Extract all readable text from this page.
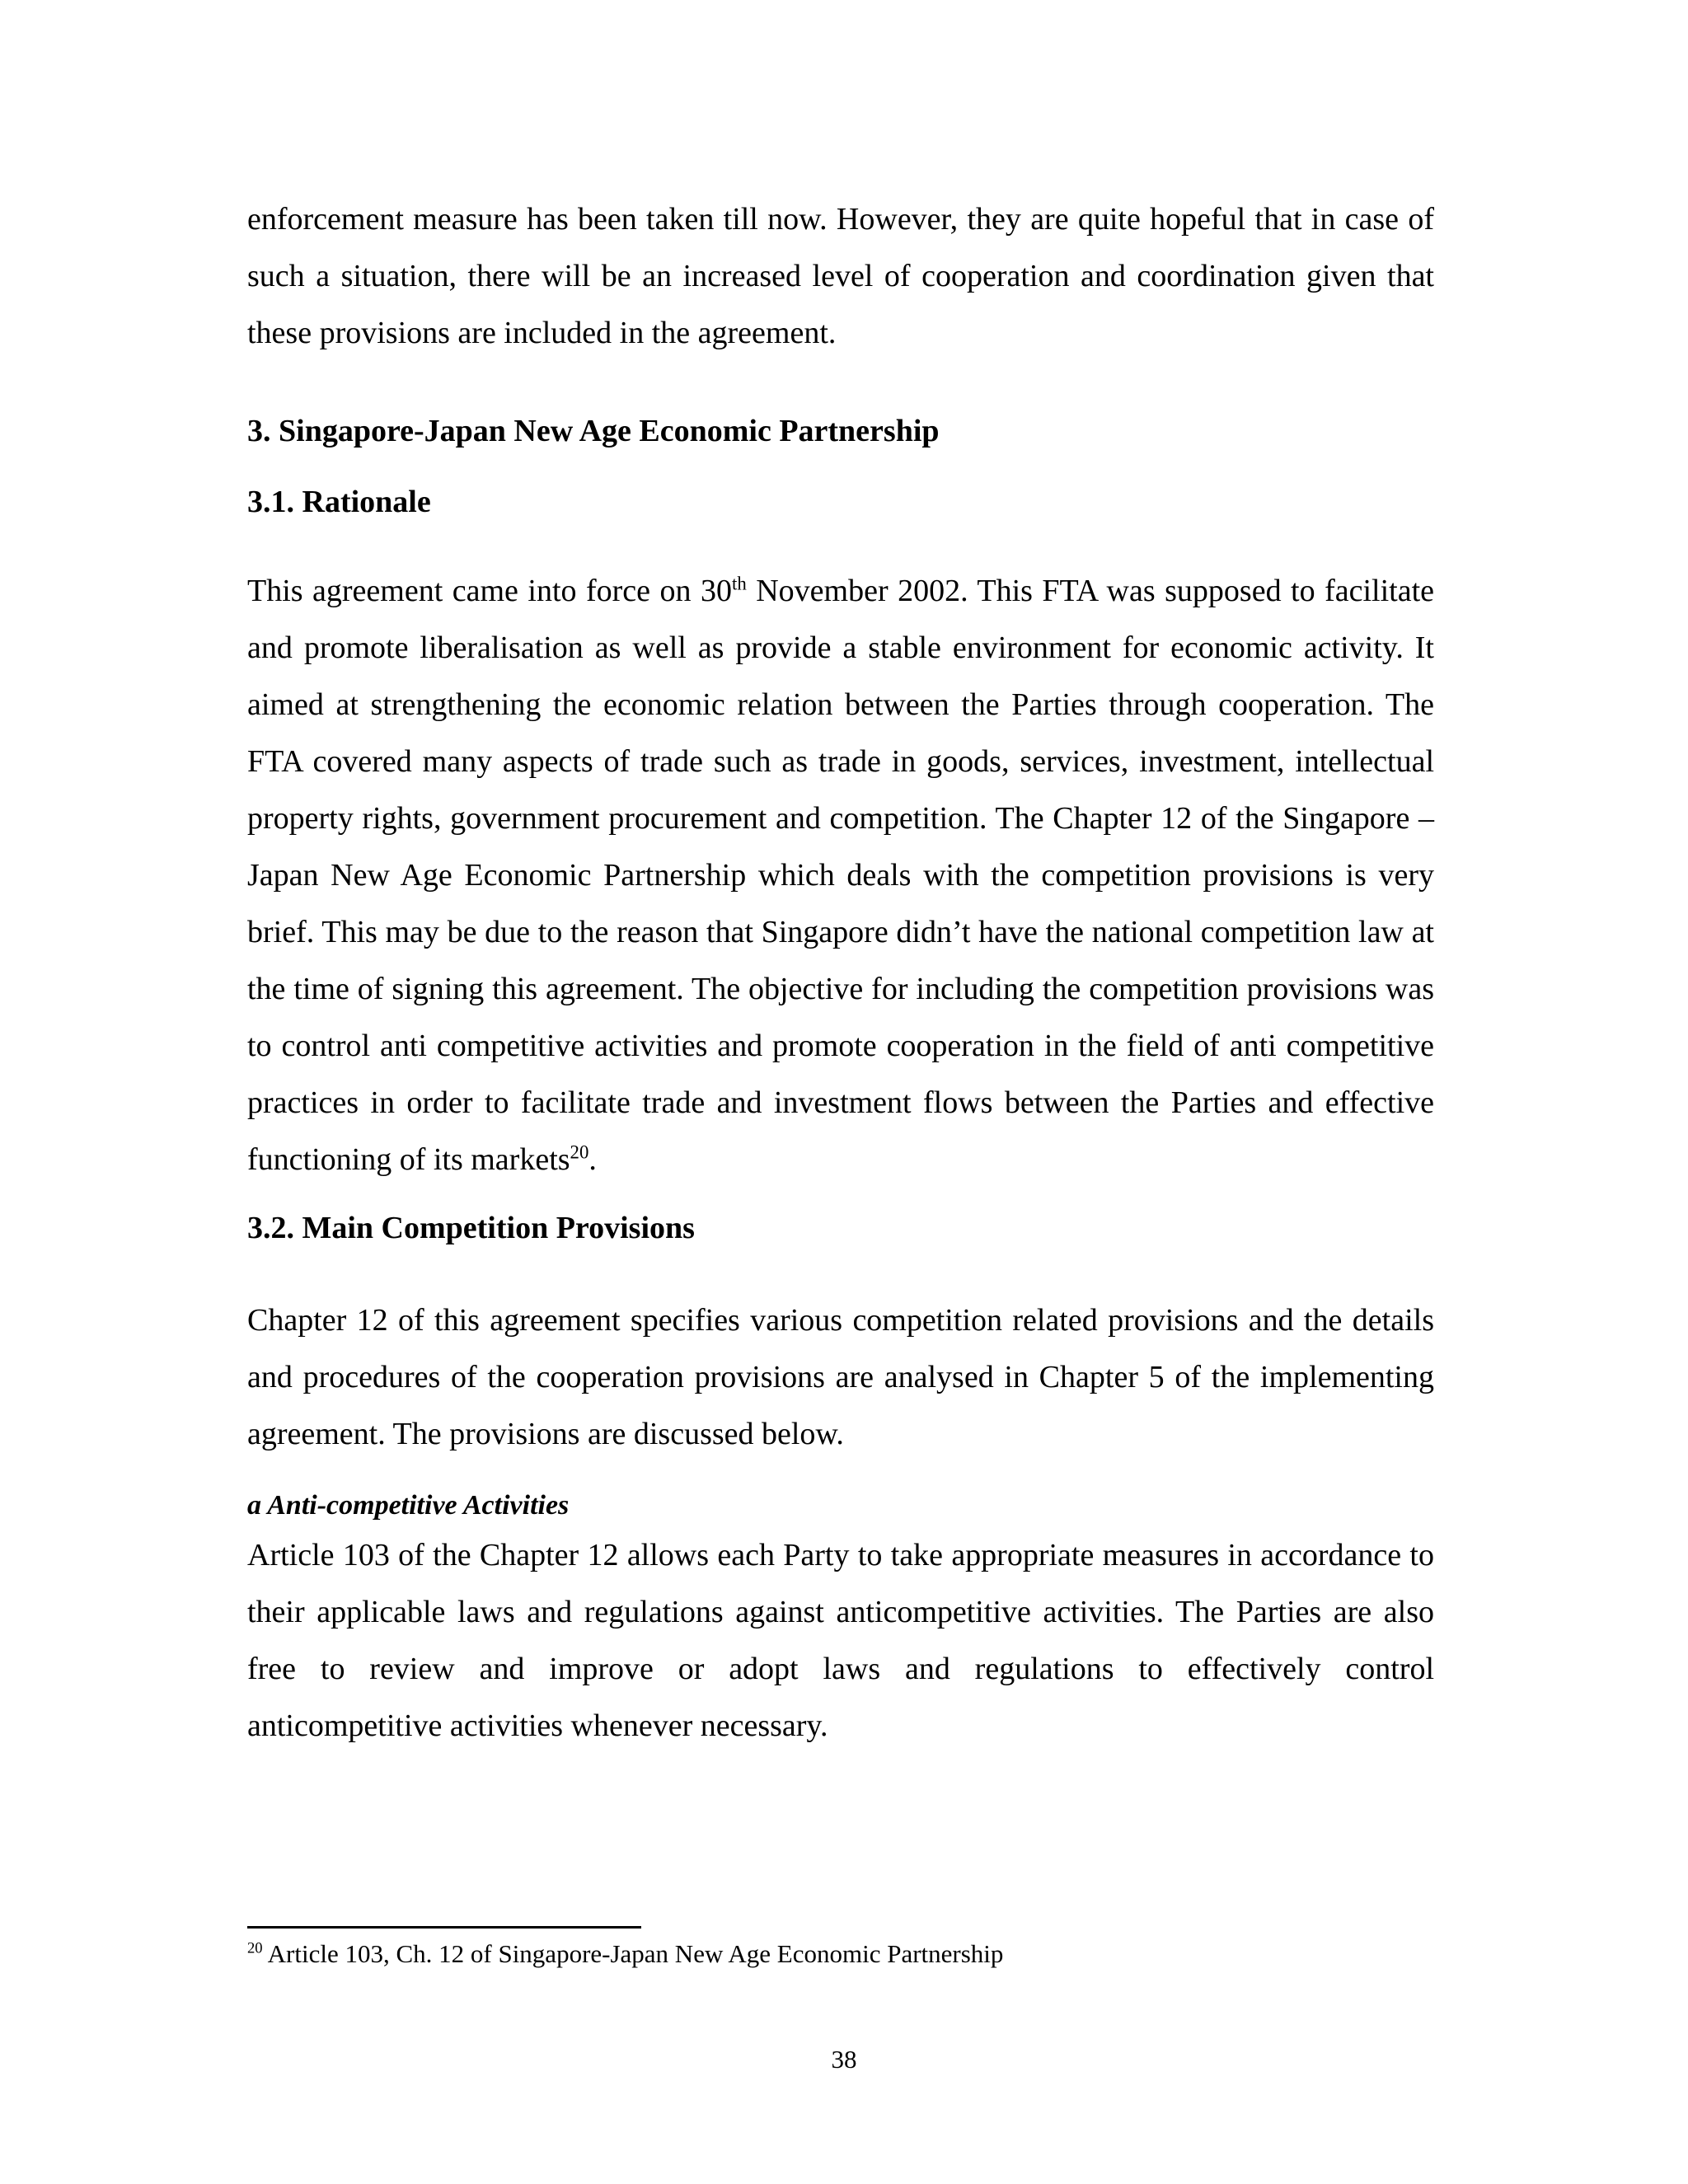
enforcement measure has been taken till now. However, they are quite hopeful that in case of such a situation, there will be an increased level of cooperation and coordination given that these provisions are included in the agreement.

3. Singapore-Japan New Age Economic Partnership

3.1. Rationale

This agreement came into force on 30th November 2002. This FTA was supposed to facilitate and promote liberalisation as well as provide a stable environment for economic activity. It aimed at strengthening the economic relation between the Parties through cooperation. The FTA covered many aspects of trade such as trade in goods, services, investment, intellectual property rights, government procurement and competition. The Chapter 12 of the Singapore – Japan New Age Economic Partnership which deals with the competition provisions is very brief. This may be due to the reason that Singapore didn’t have the national competition law at the time of signing this agreement. The objective for including the competition provisions was to control anti competitive activities and promote cooperation in the field of anti competitive practices in order to facilitate trade and investment flows between the Parties and effective functioning of its markets$^{20}$.

3.2. Main Competition Provisions

Chapter 12 of this agreement specifies various competition related provisions and the details and procedures of the cooperation provisions are analysed in Chapter 5 of the implementing agreement. The provisions are discussed below.

a Anti-competitive Activities

Article 103 of the Chapter 12 allows each Party to take appropriate measures in accordance to their applicable laws and regulations against anticompetitive activities. The Parties are also free to review and improve or adopt laws and regulations to effectively control anticompetitive activities whenever necessary.

$^{20}$ Article 103, Ch. 12 of Singapore-Japan New Age Economic Partnership

38
